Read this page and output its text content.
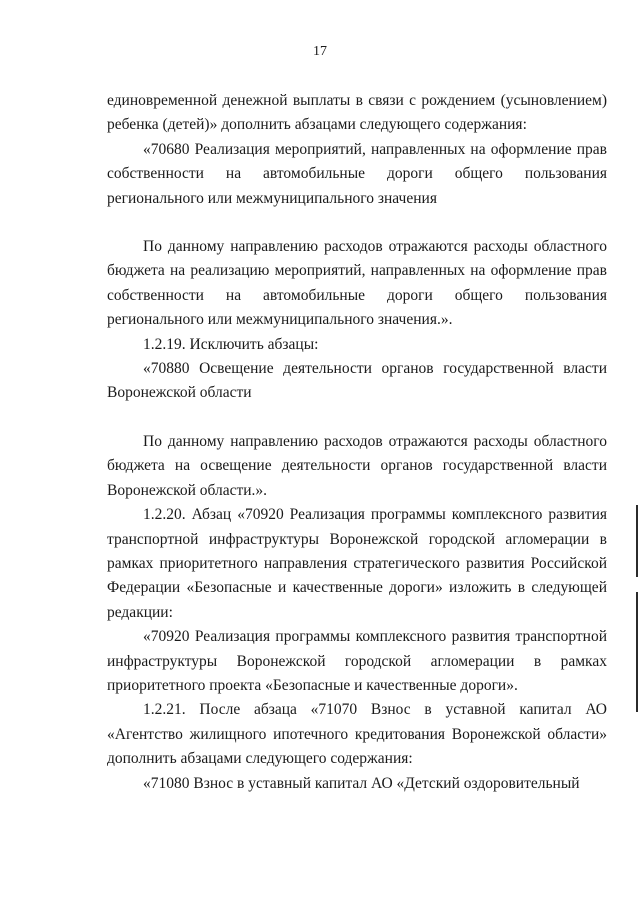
17

единовременной денежной выплаты в связи с рождением (усыновлением) ребенка (детей)» дополнить абзацами следующего содержания:

«70680 Реализация мероприятий, направленных на оформление прав собственности на автомобильные дороги общего пользования регионального или межмуниципального значения

По данному направлению расходов отражаются расходы областного бюджета на реализацию мероприятий, направленных на оформление прав собственности на автомобильные дороги общего пользования регионального или межмуниципального значения.».

1.2.19. Исключить абзацы:

«70880 Освещение деятельности органов государственной власти Воронежской области

По данному направлению расходов отражаются расходы областного бюджета на освещение деятельности органов государственной власти Воронежской области.».

1.2.20. Абзац «70920 Реализация программы комплексного развития транспортной инфраструктуры Воронежской городской агломерации в рамках приоритетного направления стратегического развития Российской Федерации «Безопасные и качественные дороги» изложить в следующей редакции:

«70920 Реализация программы комплексного развития транспортной инфраструктуры Воронежской городской агломерации в рамках приоритетного проекта «Безопасные и качественные дороги».

1.2.21. После абзаца «71070 Взнос в уставной капитал АО «Агентство жилищного ипотечного кредитования Воронежской области» дополнить абзацами следующего содержания:

«71080 Взнос в уставный капитал АО «Детский оздоровительный
